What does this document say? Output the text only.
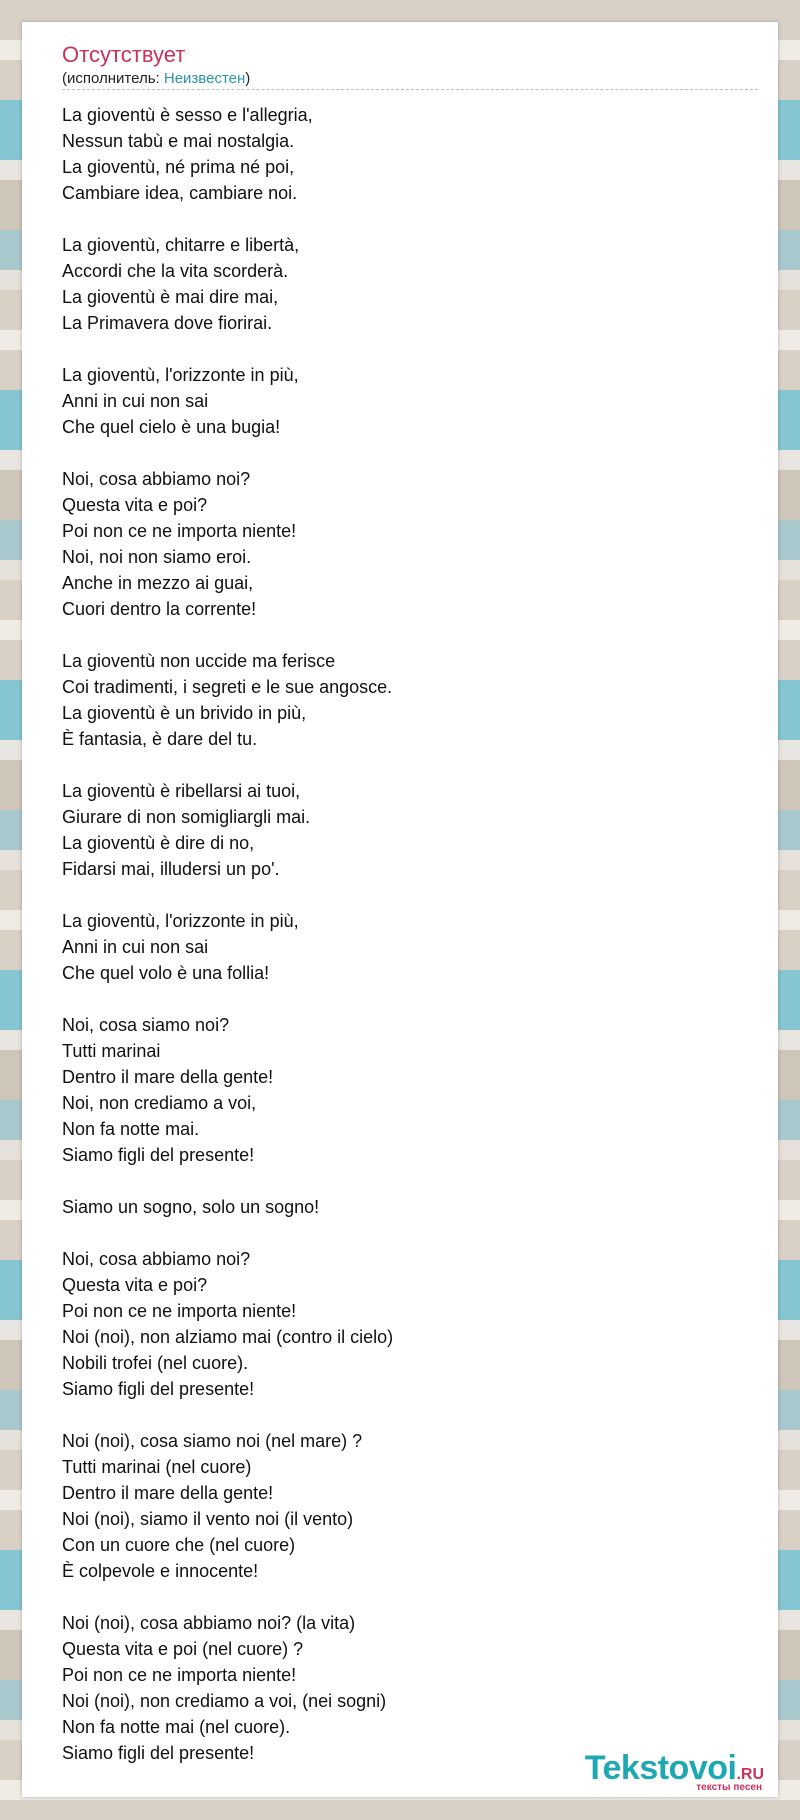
Отсутствует
(исполнитель: Неизвестен)
La gioventù è sesso e l'allegria,
Nessun tabù e mai nostalgia.
La gioventù, né prima né poi,
Cambiare idea, cambiare noi.
La gioventù, chitarre e libertà,
Accordi che la vita scorderà.
La gioventù è mai dire mai,
La Primavera dove fiorirai.
La gioventù, l'orizzonte in più,
Anni in cui non sai
Che quel cielo è una bugia!
Noi, cosa abbiamo noi?
Questa vita e poi?
Poi non ce ne importa niente!
Noi, noi non siamo eroi.
Anche in mezzo ai guai,
Cuori dentro la corrente!
La gioventù non uccide ma ferisce
Coi tradimenti, i segreti e le sue angosce.
La gioventù è un brivido in più,
È fantasia, è dare del tu.
La gioventù è ribellarsi ai tuoi,
Giurare di non somigliargli mai.
La gioventù è dire di no,
Fidarsi mai, illudersi un po'.
La gioventù, l'orizzonte in più,
Anni in cui non sai
Che quel volo è una follia!
Noi, cosa siamo noi?
Tutti marinai
Dentro il mare della gente!
Noi, non crediamo a voi,
Non fa notte mai.
Siamo figli del presente!
Siamo un sogno, solo un sogno!
Noi, cosa abbiamo noi?
Questa vita e poi?
Poi non ce ne importa niente!
Noi (noi), non alziamo mai (contro il cielo)
Nobili trofei (nel cuore).
Siamo figli del presente!
Noi (noi), cosa siamo noi (nel mare) ?
Tutti marinai (nel cuore)
Dentro il mare della gente!
Noi (noi), siamo il vento noi (il vento)
Con un cuore che (nel cuore)
È colpevole e innocente!
Noi (noi), cosa abbiamo noi? (la vita)
Questa vita e poi (nel cuore) ?
Poi non ce ne importa niente!
Noi (noi), non crediamo a voi, (nei sogni)
Non fa notte mai (nel cuore).
Siamo figli del presente!	Tekstovoi.RU
тексты песен
